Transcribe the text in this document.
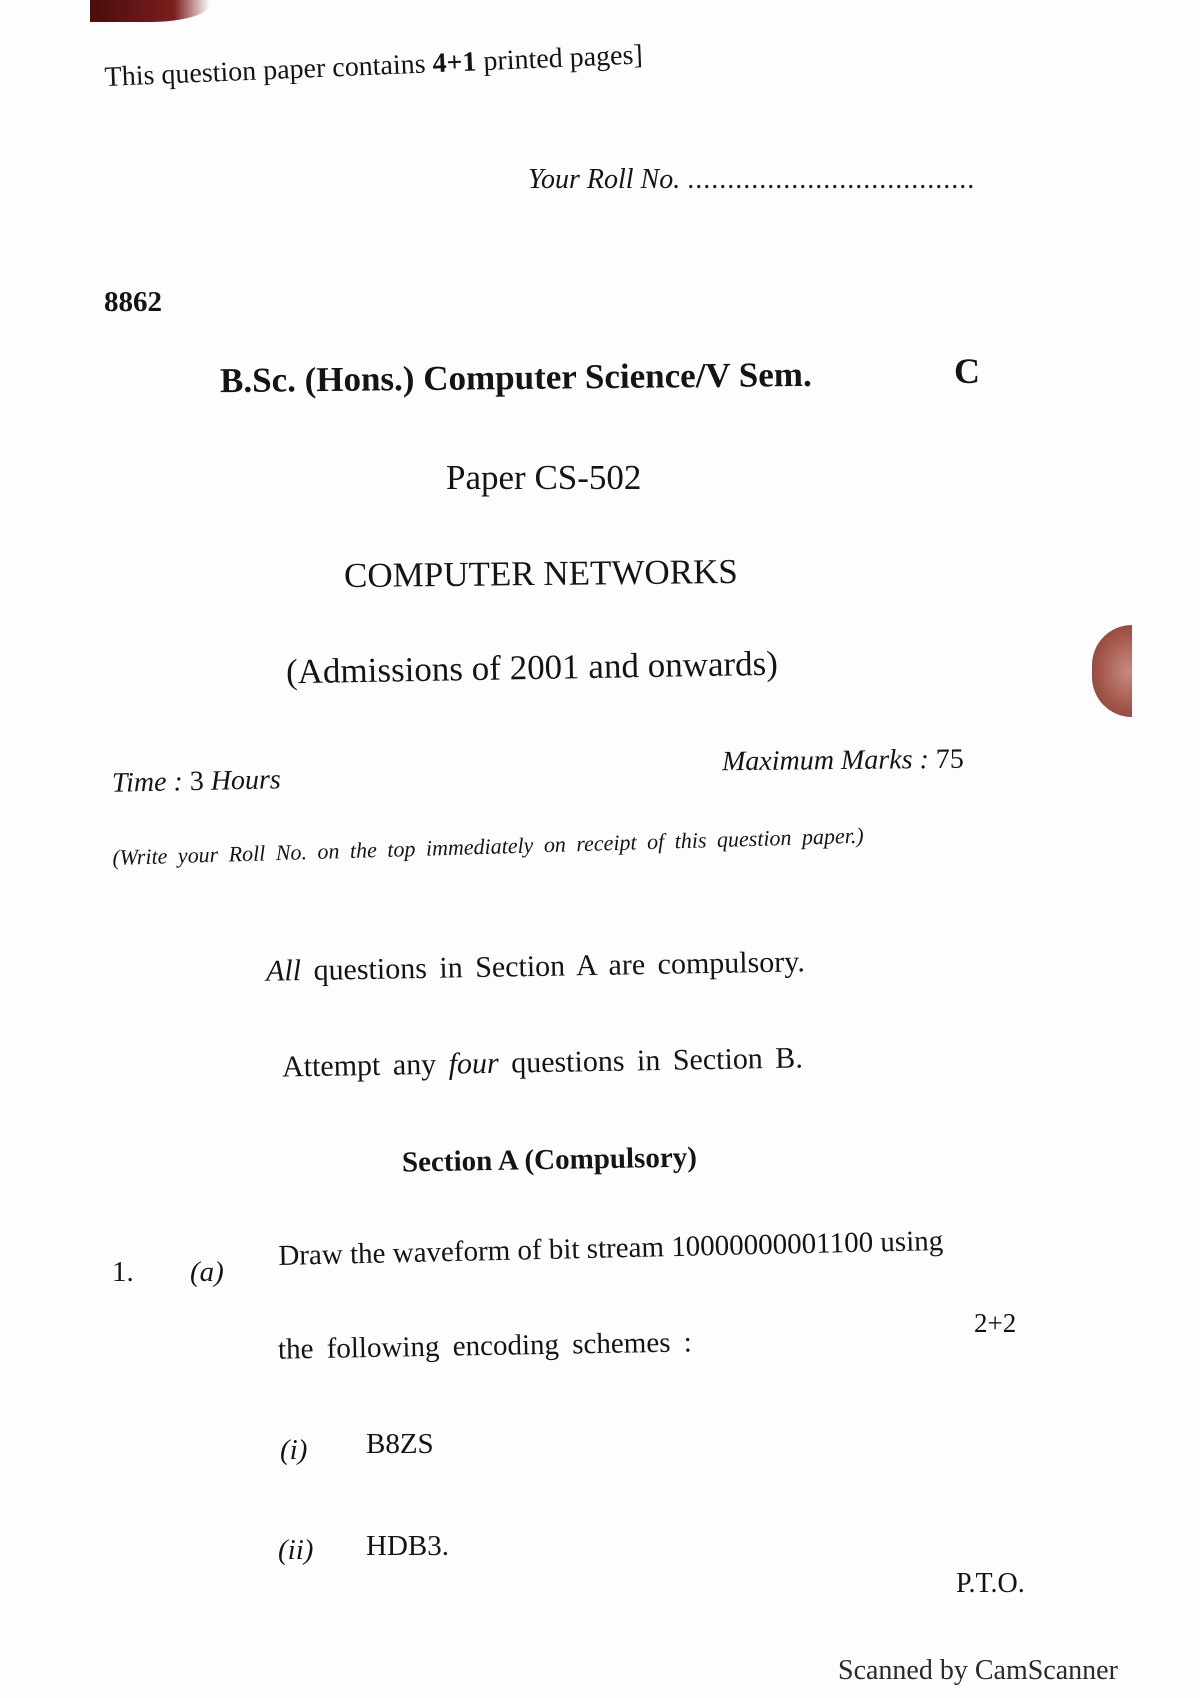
This question paper contains 4+1 printed pages]
Your Roll No. ....................................
8862
B.Sc. (Hons.) Computer Science/V Sem.	C
Paper CS-502
COMPUTER NETWORKS
(Admissions of 2001 and onwards)
Time : 3 Hours
Maximum Marks : 75
(Write your Roll No. on the top immediately on receipt of this question paper.)
All questions in Section A are compulsory.
Attempt any four questions in Section B.
Section A (Compulsory)
1. (a)
Draw the waveform of bit stream 10000000001100 using
the following encoding schemes :
2+2
(i) B8ZS
(ii) HDB3.
P.T.O.
Scanned by CamScanner
